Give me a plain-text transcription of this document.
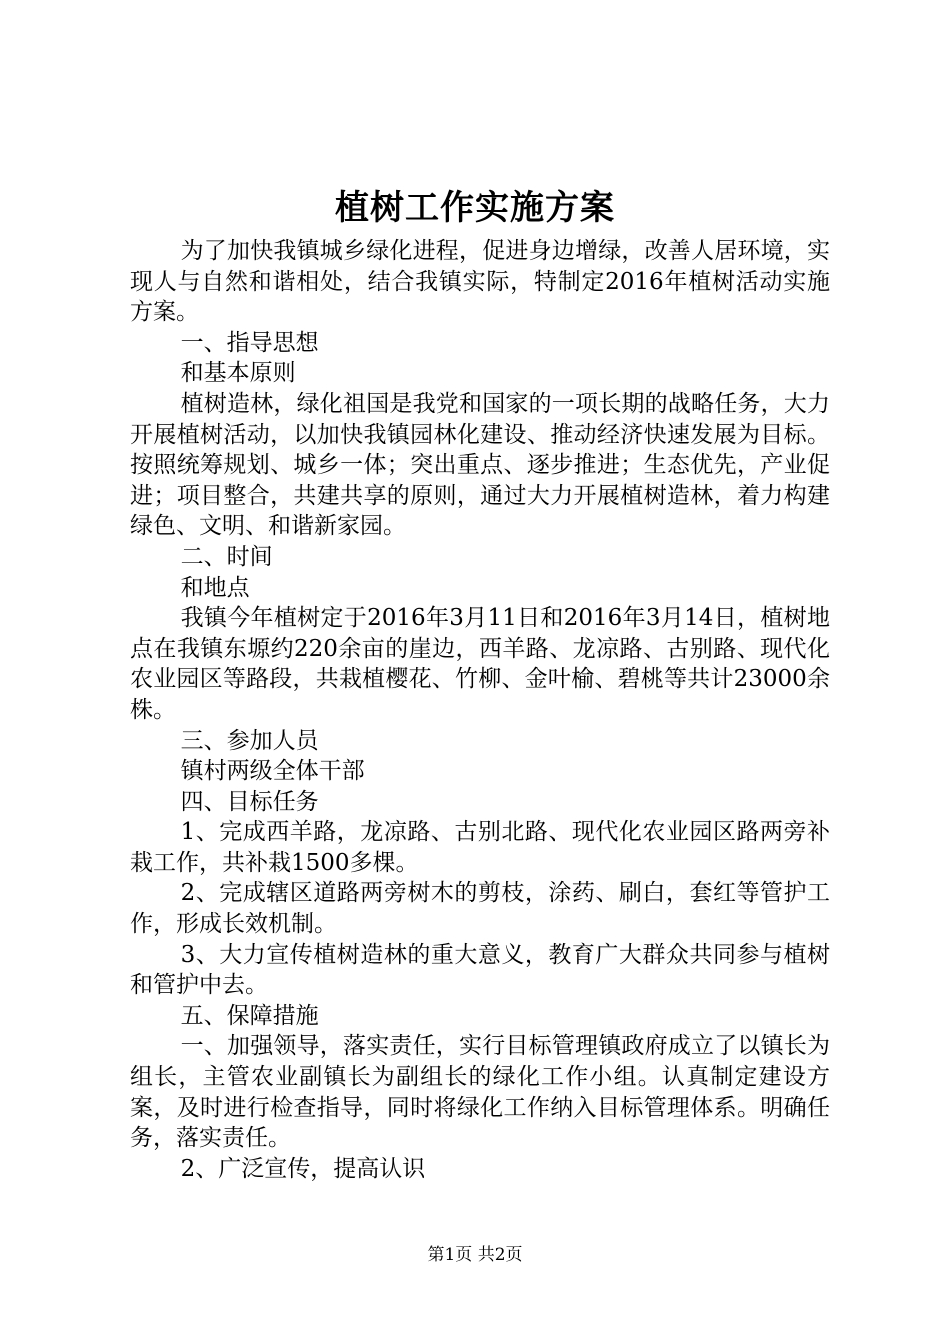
植树工作实施方案

为了加快我镇城乡绿化进程，促进身边增绿，改善人居环境，实现人与自然和谐相处，结合我镇实际，特制定2016年植树活动实施方案。

一、指导思想

和基本原则

植树造林，绿化祖国是我党和国家的一项长期的战略任务，大力开展植树活动，以加快我镇园林化建设、推动经济快速发展为目标。按照统筹规划、城乡一体；突出重点、逐步推进；生态优先，产业促进；项目整合，共建共享的原则，通过大力开展植树造林，着力构建绿色、文明、和谐新家园。

二、时间

和地点

我镇今年植树定于2016年3月11日和2016年3月14日，植树地点在我镇东塬约220余亩的崖边，西羊路、龙凉路、古别路、现代化农业园区等路段，共栽植樱花、竹柳、金叶榆、碧桃等共计23000余株。

三、参加人员

镇村两级全体干部

四、目标任务

1、完成西羊路，龙凉路、古别北路、现代化农业园区路两旁补栽工作，共补栽1500多棵。

2、完成辖区道路两旁树木的剪枝，涂药、刷白，套红等管护工作，形成长效机制。

3、大力宣传植树造林的重大意义，教育广大群众共同参与植树和管护中去。

五、保障措施

一、加强领导，落实责任，实行目标管理镇政府成立了以镇长为组长，主管农业副镇长为副组长的绿化工作小组。认真制定建设方案，及时进行检查指导，同时将绿化工作纳入目标管理体系。明确任务，落实责任。

2、广泛宣传，提高认识

第1页 共2页
